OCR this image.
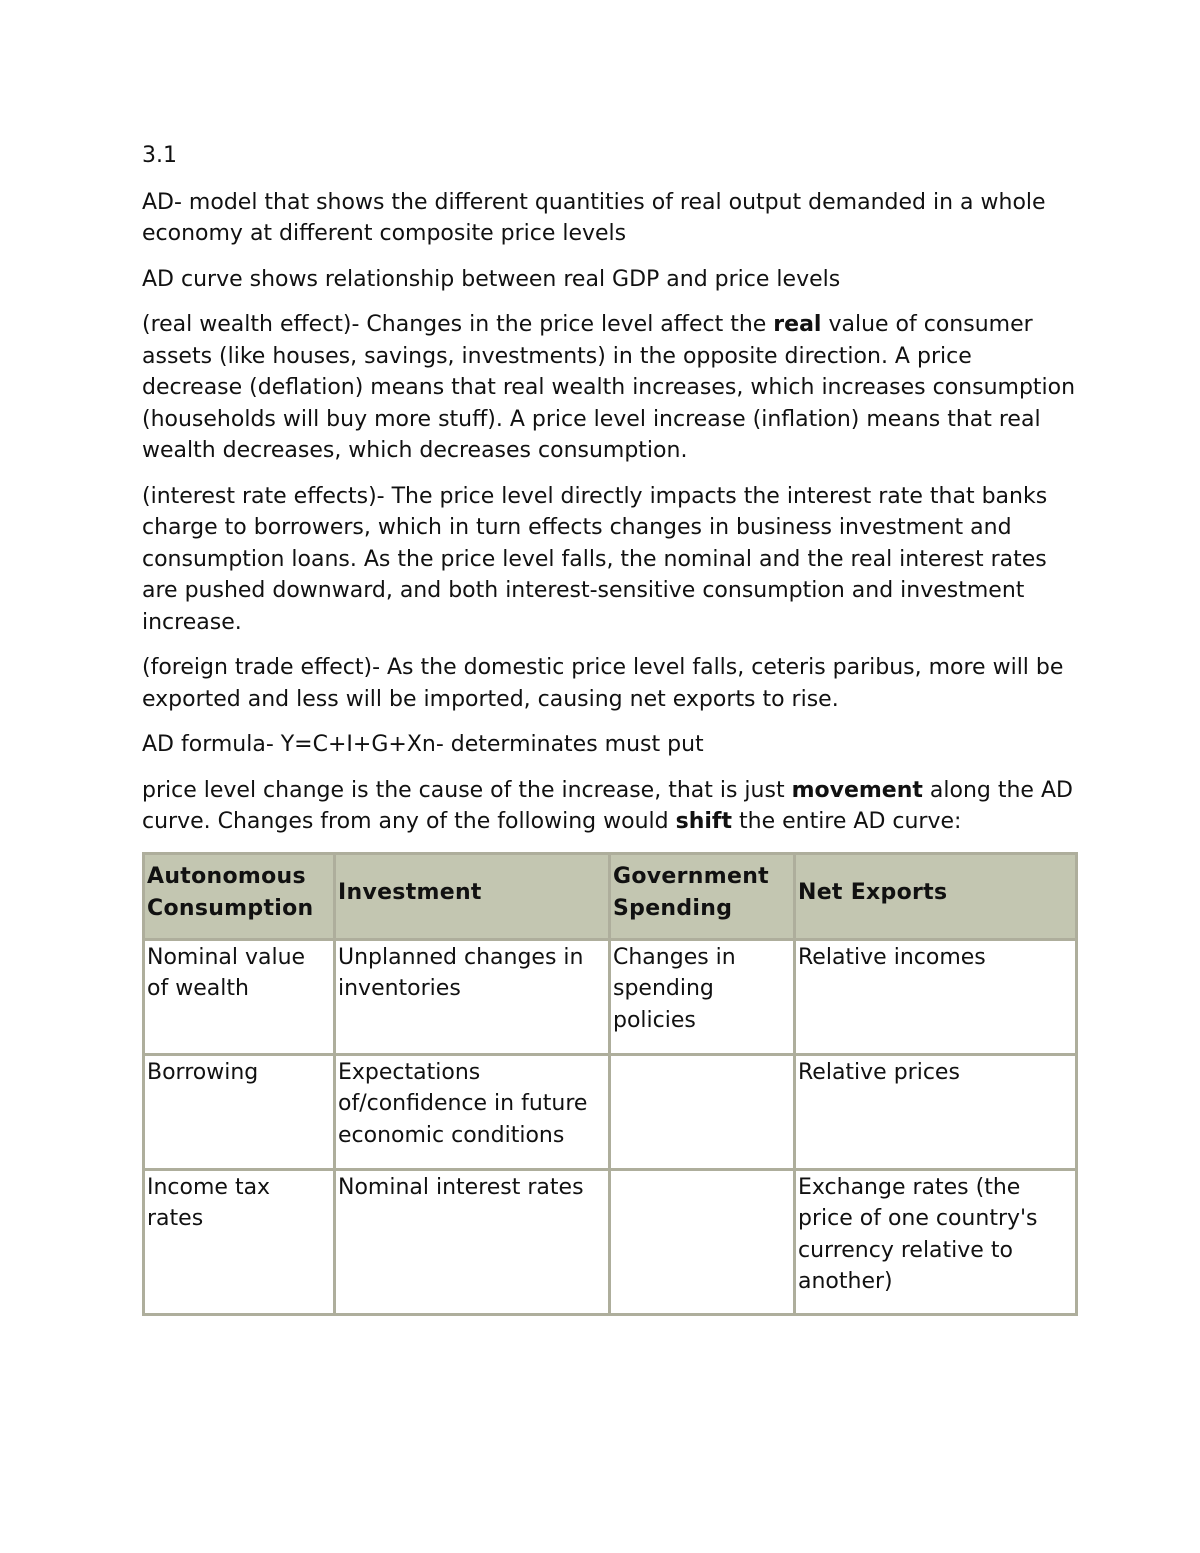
3.1

AD- model that shows the different quantities of real output demanded in a whole economy at different composite price levels

AD curve shows relationship between real GDP and price levels

(real wealth effect)- Changes in the price level affect the real value of consumer assets (like houses, savings, investments) in the opposite direction. A price decrease (deflation) means that real wealth increases, which increases consumption (households will buy more stuff). A price level increase (inflation) means that real wealth decreases, which decreases consumption.

(interest rate effects)- The price level directly impacts the interest rate that banks charge to borrowers, which in turn effects changes in business investment and consumption loans. As the price level falls, the nominal and the real interest rates are pushed downward, and both interest-sensitive consumption and investment increase.

(foreign trade effect)- As the domestic price level falls, ceteris paribus, more will be exported and less will be imported, causing net exports to rise.

AD formula- Y=C+I+G+Xn- determinates must put

price level change is the cause of the increase, that is just movement along the AD curve. Changes from any of the following would shift the entire AD curve:

Autonomous Consumption	Investment	Government Spending	Net Exports
Nominal value of wealth	Unplanned changes in inventories	Changes in spending policies	Relative incomes
Borrowing	Expectations of/confidence in future economic conditions		Relative prices
Income tax rates	Nominal interest rates		Exchange rates (the price of one country's currency relative to another)
